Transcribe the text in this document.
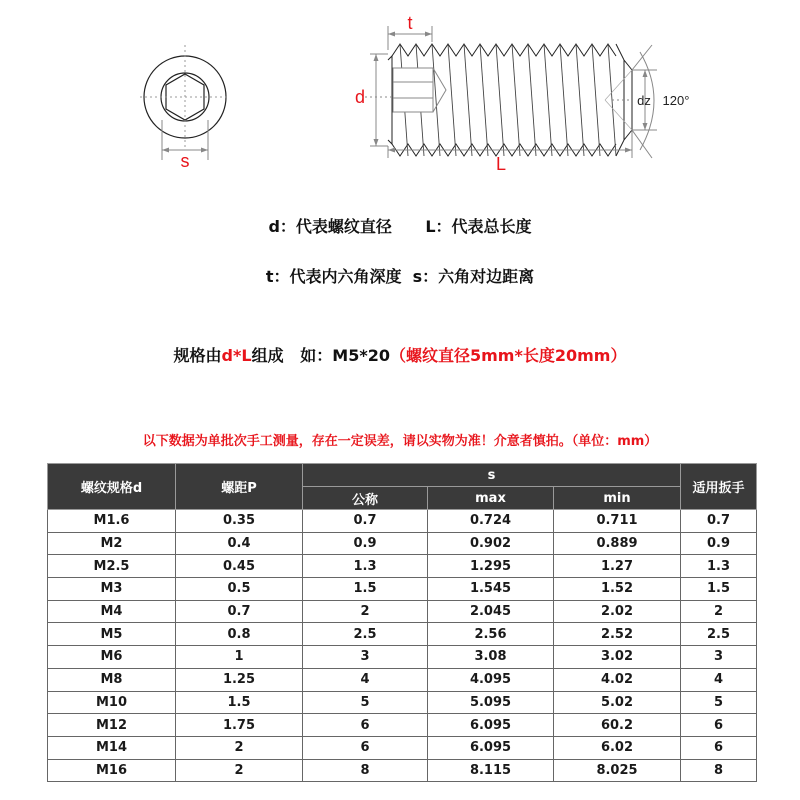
s
t
d
L
dz 120°
d：代表螺纹直径 L：代表总长度
t：代表内六角深度 s：六角对边距离
规格由d*L组成 如：M5*20（螺纹直径5mm*长度20mm）
以下数据为单批次手工测量，存在一定误差，请以实物为准！介意者慎拍。（单位：mm）
螺纹规格d	螺距P	s			适用扳手
		公称	max	min	
M1.6	0.35	0.7	0.724	0.711	0.7
M2	0.4	0.9	0.902	0.889	0.9
M2.5	0.45	1.3	1.295	1.27	1.3
M3	0.5	1.5	1.545	1.52	1.5
M4	0.7	2	2.045	2.02	2
M5	0.8	2.5	2.56	2.52	2.5
M6	1	3	3.08	3.02	3
M8	1.25	4	4.095	4.02	4
M10	1.5	5	5.095	5.02	5
M12	1.75	6	6.095	60.2	6
M14	2	6	6.095	6.02	6
M16	2	8	8.115	8.025	8
